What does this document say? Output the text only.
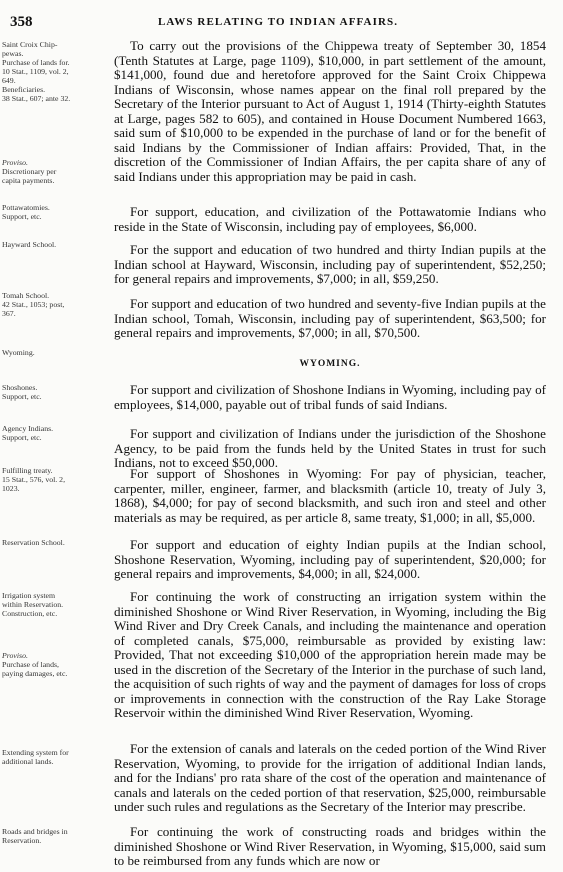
358	LAWS RELATING TO INDIAN AFFAIRS.
Saint Croix Chip-
pewas.
Purchase of lands for.
10 Stat., 1109, vol. 2,
649.
Beneficiaries.
38 Stat., 607; ante 32.
Proviso.
Discretionary per
capita payments.
Pottawatomies.
Support, etc.
Hayward School.
Tomah School.
42 Stat., 1053; post,
367.
Wyoming.
Shoshones.
Support, etc.
Agency Indians.
Support, etc.
Fulfilling treaty.
15 Stat., 576, vol. 2,
1023.
Reservation School.
Irrigation system
within Reservation.
Construction, etc.
Proviso.
Purchase of lands,
paying damages, etc.
Extending system for
additional lands.
Roads and bridges in
Reservation.

To carry out the provisions of the Chippewa treaty of September 30, 1854 (Tenth Statutes at Large, page 1109), $10,000, in part settlement of the amount, $141,000, found due and heretofore approved for the Saint Croix Chippewa Indians of Wisconsin, whose names appear on the final roll prepared by the Secretary of the Interior pursuant to Act of August 1, 1914 (Thirty-eighth Statutes at Large, pages 582 to 605), and contained in House Document Numbered 1663, said sum of $10,000 to be expended in the purchase of land or for the benefit of said Indians by the Commissioner of Indian affairs: Provided, That, in the discretion of the Commissioner of Indian Affairs, the per capita share of any of said Indians under this appropriation may be paid in cash.

For support, education, and civilization of the Pottawatomie Indians who reside in the State of Wisconsin, including pay of employees, $6,000.

For the support and education of two hundred and thirty Indian pupils at the Indian school at Hayward, Wisconsin, including pay of superintendent, $52,250; for general repairs and improvements, $7,000; in all, $59,250.

For support and education of two hundred and seventy-five Indian pupils at the Indian school, Tomah, Wisconsin, including pay of superintendent, $63,500; for general repairs and improvements, $7,000; in all, $70,500.

WYOMING.

For support and civilization of Shoshone Indians in Wyoming, including pay of employees, $14,000, payable out of tribal funds of said Indians.

For support and civilization of Indians under the jurisdiction of the Shoshone Agency, to be paid from the funds held by the United States in trust for such Indians, not to exceed $50,000.

For support of Shoshones in Wyoming: For pay of physician, teacher, carpenter, miller, engineer, farmer, and blacksmith (article 10, treaty of July 3, 1868), $4,000; for pay of second blacksmith, and such iron and steel and other materials as may be required, as per article 8, same treaty, $1,000; in all, $5,000.

For support and education of eighty Indian pupils at the Indian school, Shoshone Reservation, Wyoming, including pay of superintendent, $20,000; for general repairs and improvements, $4,000; in all, $24,000.

For continuing the work of constructing an irrigation system within the diminished Shoshone or Wind River Reservation, in Wyoming, including the Big Wind River and Dry Creek Canals, and including the maintenance and operation of completed canals, $75,000, reimbursable as provided by existing law: Provided, That not exceeding $10,000 of the appropriation herein made may be used in the discretion of the Secretary of the Interior in the purchase of such land, the acquisition of such rights of way and the payment of damages for loss of crops or improvements in connection with the construction of the Ray Lake Storage Reservoir within the diminished Wind River Reservation, Wyoming.

For the extension of canals and laterals on the ceded portion of the Wind River Reservation, Wyoming, to provide for the irrigation of additional Indian lands, and for the Indians' pro rata share of the cost of the operation and maintenance of canals and laterals on the ceded portion of that reservation, $25,000, reimbursable under such rules and regulations as the Secretary of the Interior may prescribe.

For continuing the work of constructing roads and bridges within the diminished Shoshone or Wind River Reservation, in Wyoming, $15,000, said sum to be reimbursed from any funds which are now or
